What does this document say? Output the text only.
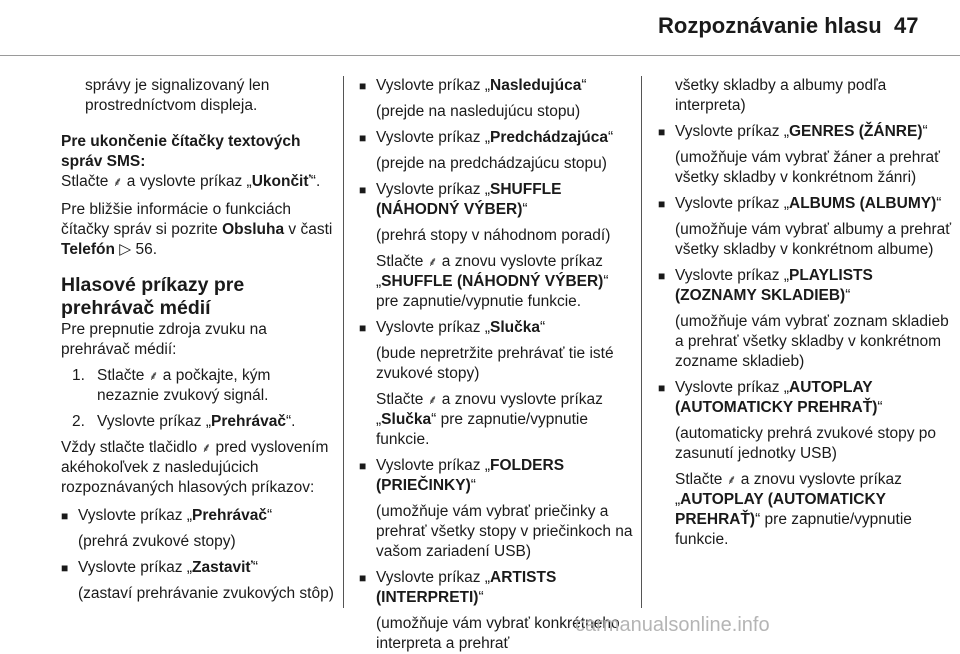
Rozpoznávanie hlasu 47

správy je signalizovaný len prostredníctvom displeja.

Pre ukončenie čítačky textových správ SMS:

Stlačte ⸙ a vyslovte príkaz „Ukončiť“.

Pre bližšie informácie o funkciách čítačky správ si pozrite Obsluha v časti Telefón ▷ 56.

Hlasové príkazy pre prehrávač médií

Pre prepnutie zdroja zvuku na prehrávač médií:

1. Stlačte ⸙ a počkajte, kým nezaznie zvukový signál.
2. Vyslovte príkaz „Prehrávač“.

Vždy stlačte tlačidlo ⸙ pred vyslovením akéhokoľvek z nasledujúcich rozpoznávaných hlasových príkazov:

■ Vyslovte príkaz „Prehrávač“

(prehrá zvukové stopy)

■ Vyslovte príkaz „Zastaviť“

(zastaví prehrávanie zvukových stôp)

■ Vyslovte príkaz „Nasledujúca“

(prejde na nasledujúcu stopu)

■ Vyslovte príkaz „Predchádzajúca“

(prejde na predchádzajúcu stopu)

■ Vyslovte príkaz „SHUFFLE (NÁHODNÝ VÝBER)“

(prehrá stopy v náhodnom poradí)

Stlačte ⸙ a znovu vyslovte príkaz „SHUFFLE (NÁHODNÝ VÝBER)“ pre zapnutie/vypnutie funkcie.

■ Vyslovte príkaz „Slučka“

(bude nepretržite prehrávať tie isté zvukové stopy)

Stlačte ⸙ a znovu vyslovte príkaz „Slučka“ pre zapnutie/vypnutie funkcie.

■ Vyslovte príkaz „FOLDERS (PRIEČINKY)“

(umožňuje vám vybrať priečinky a prehrať všetky stopy v priečinkoch na vašom zariadení USB)

■ Vyslovte príkaz „ARTISTS (INTERPRETI)“

(umožňuje vám vybrať konkrétneho interpreta a prehrať

všetky skladby a albumy podľa interpreta)

■ Vyslovte príkaz „GENRES (ŽÁNRE)“

(umožňuje vám vybrať žáner a prehrať všetky skladby v konkrétnom žánri)

■ Vyslovte príkaz „ALBUMS (ALBUMY)“

(umožňuje vám vybrať albumy a prehrať všetky skladby v konkrétnom albume)

■ Vyslovte príkaz „PLAYLISTS (ZOZNAMY SKLADIEB)“

(umožňuje vám vybrať zoznam skladieb a prehrať všetky skladby v konkrétnom zozname skladieb)

■ Vyslovte príkaz „AUTOPLAY (AUTOMATICKY PREHRAŤ)“

(automaticky prehrá zvukové stopy po zasunutí jednotky USB)

Stlačte ⸙ a znovu vyslovte príkaz „AUTOPLAY (AUTOMATICKY PREHRAŤ)“ pre zapnutie/vypnutie funkcie.

carmanualsonline.info
